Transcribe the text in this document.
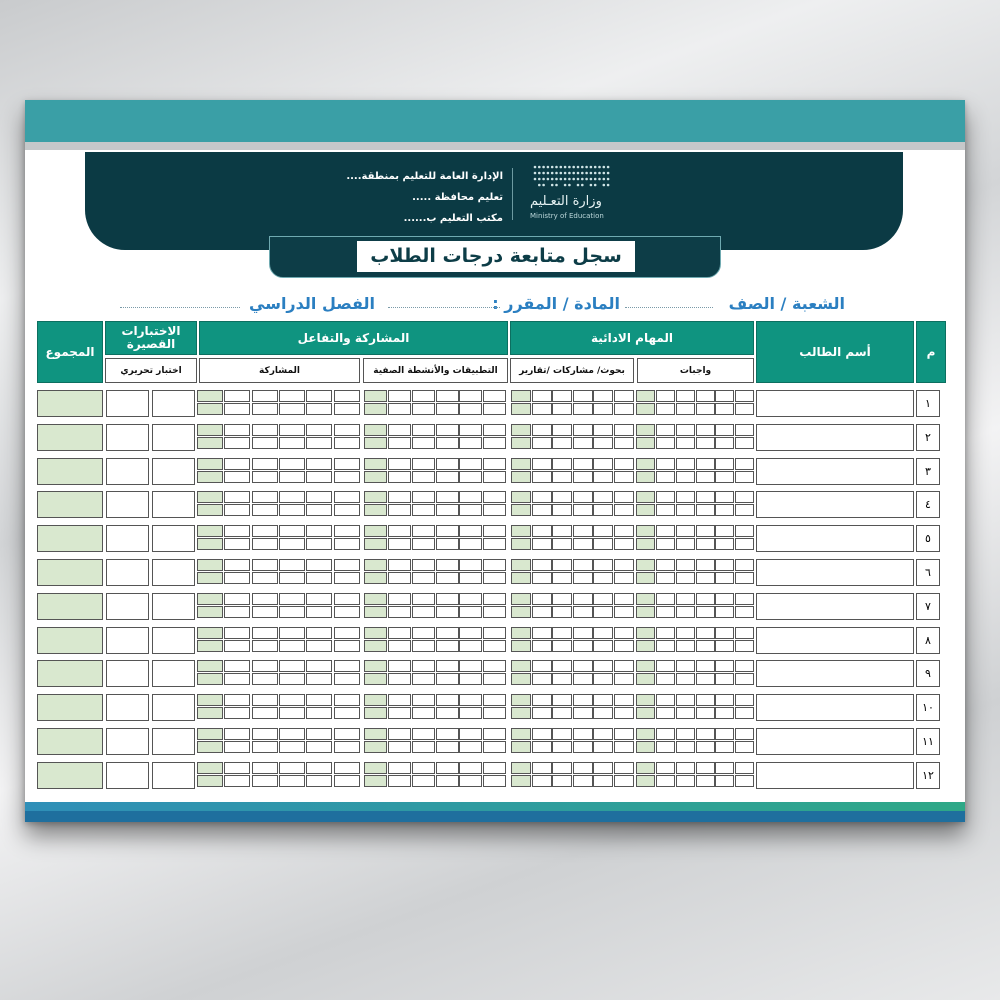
وزارة التعـليم
Ministry of Education
الإدارة العامة للتعليم بمنطقة....
تعليم محافظة .....
مكتب التعليم ب......
سجل متابعة درجات الطلاب
الشعبة / الصف
المادة / المقرر :
الفصل الدراسي
م
أسم الطالب
المهام الادائية
واجبات
بحوث/ مشاركات /تقارير
المشاركة والتفاعل
التطبيقات والأنشطة الصفية
المشاركة
الاختبارات القصيرة
اختبار تحريري
المجموع
١
٢
٣
٤
٥
٦
٧
٨
٩
١٠
١١
١٢
